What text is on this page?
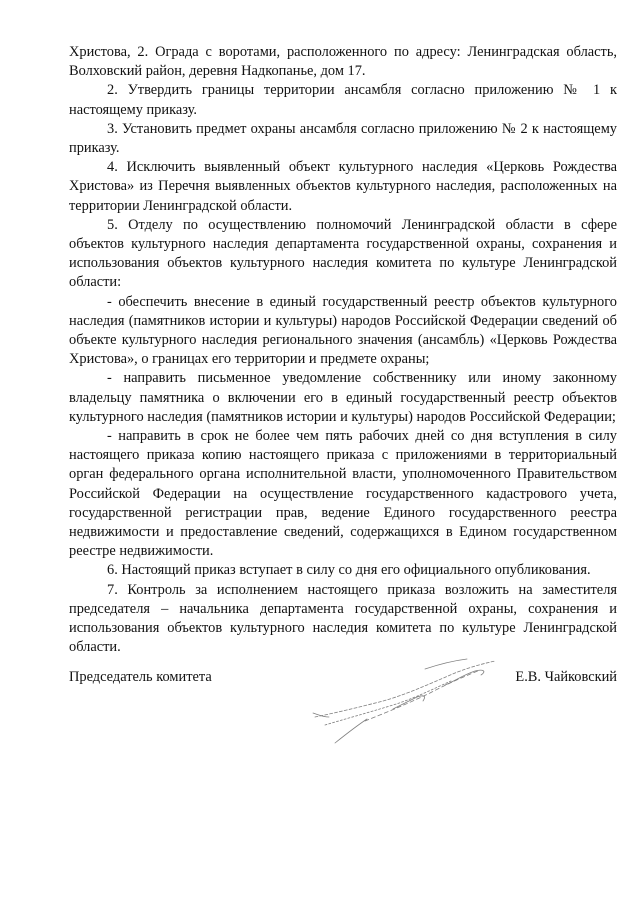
Христова, 2. Ограда с воротами, расположенного по адресу: Ленинградская область, Волховский район, деревня Надкопанье, дом 17.

2. Утвердить границы территории ансамбля согласно приложению № 1 к настоящему приказу.

3. Установить предмет охраны ансамбля согласно приложению № 2 к настоящему приказу.

4. Исключить выявленный объект культурного наследия «Церковь Рождества Христова» из Перечня выявленных объектов культурного наследия, расположенных на территории Ленинградской области.

5. Отделу по осуществлению полномочий Ленинградской области в сфере объектов культурного наследия департамента государственной охраны, сохранения и использования объектов культурного наследия комитета по культуре Ленинградской области:

- обеспечить внесение в единый государственный реестр объектов культурного наследия (памятников истории и культуры) народов Российской Федерации сведений об объекте культурного наследия регионального значения (ансамбль) «Церковь Рождества Христова», о границах его территории и предмете охраны;

- направить письменное уведомление собственнику или иному законному владельцу памятника о включении его в единый государственный реестр объектов культурного наследия (памятников истории и культуры) народов Российской Федерации;

- направить в срок не более чем пять рабочих дней со дня вступления в силу настоящего приказа копию настоящего приказа с приложениями в территориальный орган федерального органа исполнительной власти, уполномоченного Правительством Российской Федерации на осуществление государственного кадастрового учета, государственной регистрации прав, ведение Единого государственного реестра недвижимости и предоставление сведений, содержащихся в Едином государственном реестре недвижимости.

6. Настоящий приказ вступает в силу со дня его официального опубликования.

7. Контроль за исполнением настоящего приказа возложить на заместителя председателя – начальника департамента государственной охраны, сохранения и использования объектов культурного наследия комитета по культуре Ленинградской области.

Председатель комитета	Е.В. Чайковский
